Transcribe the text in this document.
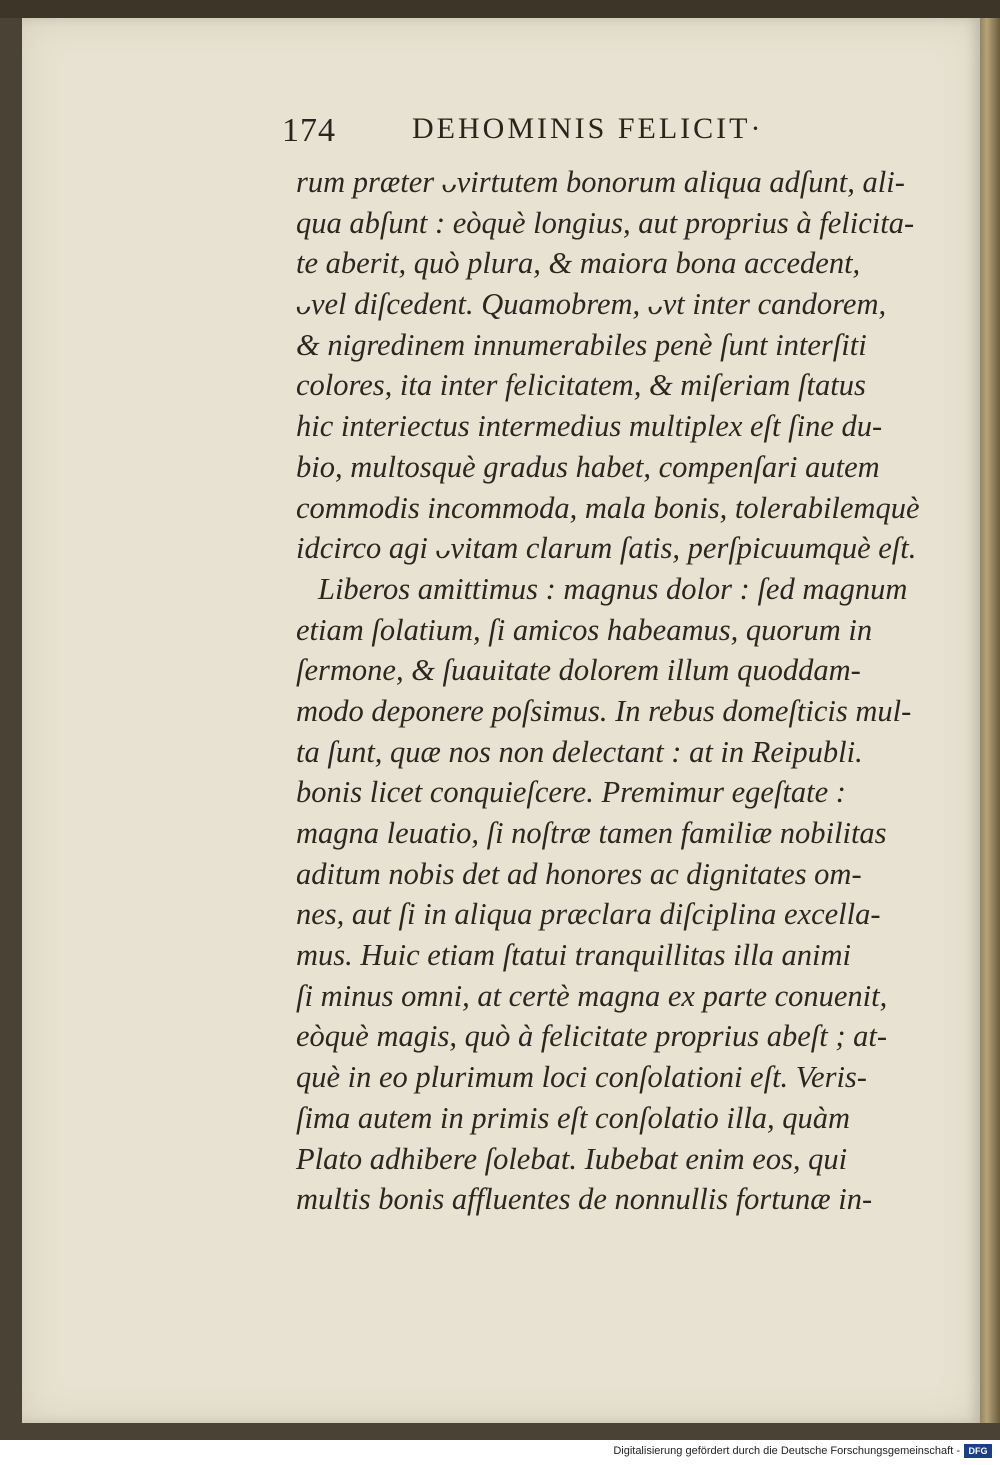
174	DEHOMINIS FELICIT·
rum prӕter ᴗvirtutem bonorum aliqua adſunt, ali-
qua abſunt : eòquè longius, aut proprius à felicita-
te aberit, quò plura, & maiora bona accedent,
ᴗvel diſcedent. Quamobrem, ᴗvt inter candorem,
& nigredinem innumerabiles penè ſunt interſiti
colores, ita inter felicitatem, & miſeriam ſtatus
hic interiectus intermedius multiplex eſt ſine du-
bio, multosquè gradus habet, compenſari autem
commodis incommoda, mala bonis, tolerabilemquè
idcirco agi ᴗvitam clarum ſatis, perſpicuumquè eſt.
Liberos amittimus : magnus dolor : ſed magnum
etiam ſolatium, ſi amicos habeamus, quorum in
ſermone, & ſuauitate dolorem illum quoddam-
modo deponere poſsimus. In rebus domeſticis mul-
ta ſunt, quӕ nos non delectant : at in Reipubli.
bonis licet conquieſcere. Premimur egeſtate :
magna leuatio, ſi noſtrӕ tamen familiӕ nobilitas
aditum nobis det ad honores ac dignitates om-
nes, aut ſi in aliqua prӕclara diſciplina excella-
mus. Huic etiam ſtatui tranquillitas illa animi
ſi minus omni, at certè magna ex parte conuenit,
eòquè magis, quò à felicitate proprius abeſt ; at-
què in eo plurimum loci conſolationi eſt. Veris-
ſima autem in primis eſt conſolatio illa, quàm
Plato adhibere ſolebat. Iubebat enim eos, qui
multis bonis affluentes de nonnullis fortunӕ in-
Digitalisierung gefördert durch die Deutsche Forschungsgemeinschaft - DFG
